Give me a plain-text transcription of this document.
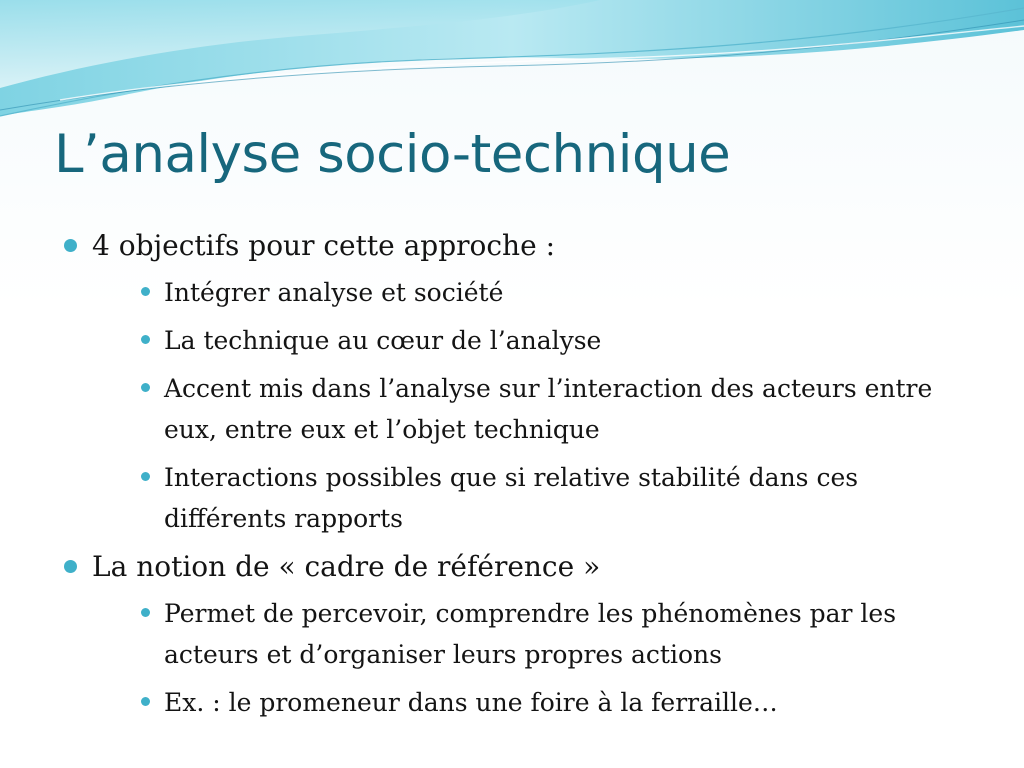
L’analyse socio-technique
4 objectifs pour cette approche :
Intégrer analyse et société
La technique au cœur de l’analyse
Accent mis dans l’analyse sur l’interaction des acteurs entre eux, entre eux et l’objet technique
Interactions possibles que si relative stabilité dans ces différents rapports
La notion de « cadre de référence »
Permet de percevoir, comprendre les phénomènes par les acteurs et d’organiser leurs propres actions
Ex. : le promeneur dans une foire à la ferraille…
